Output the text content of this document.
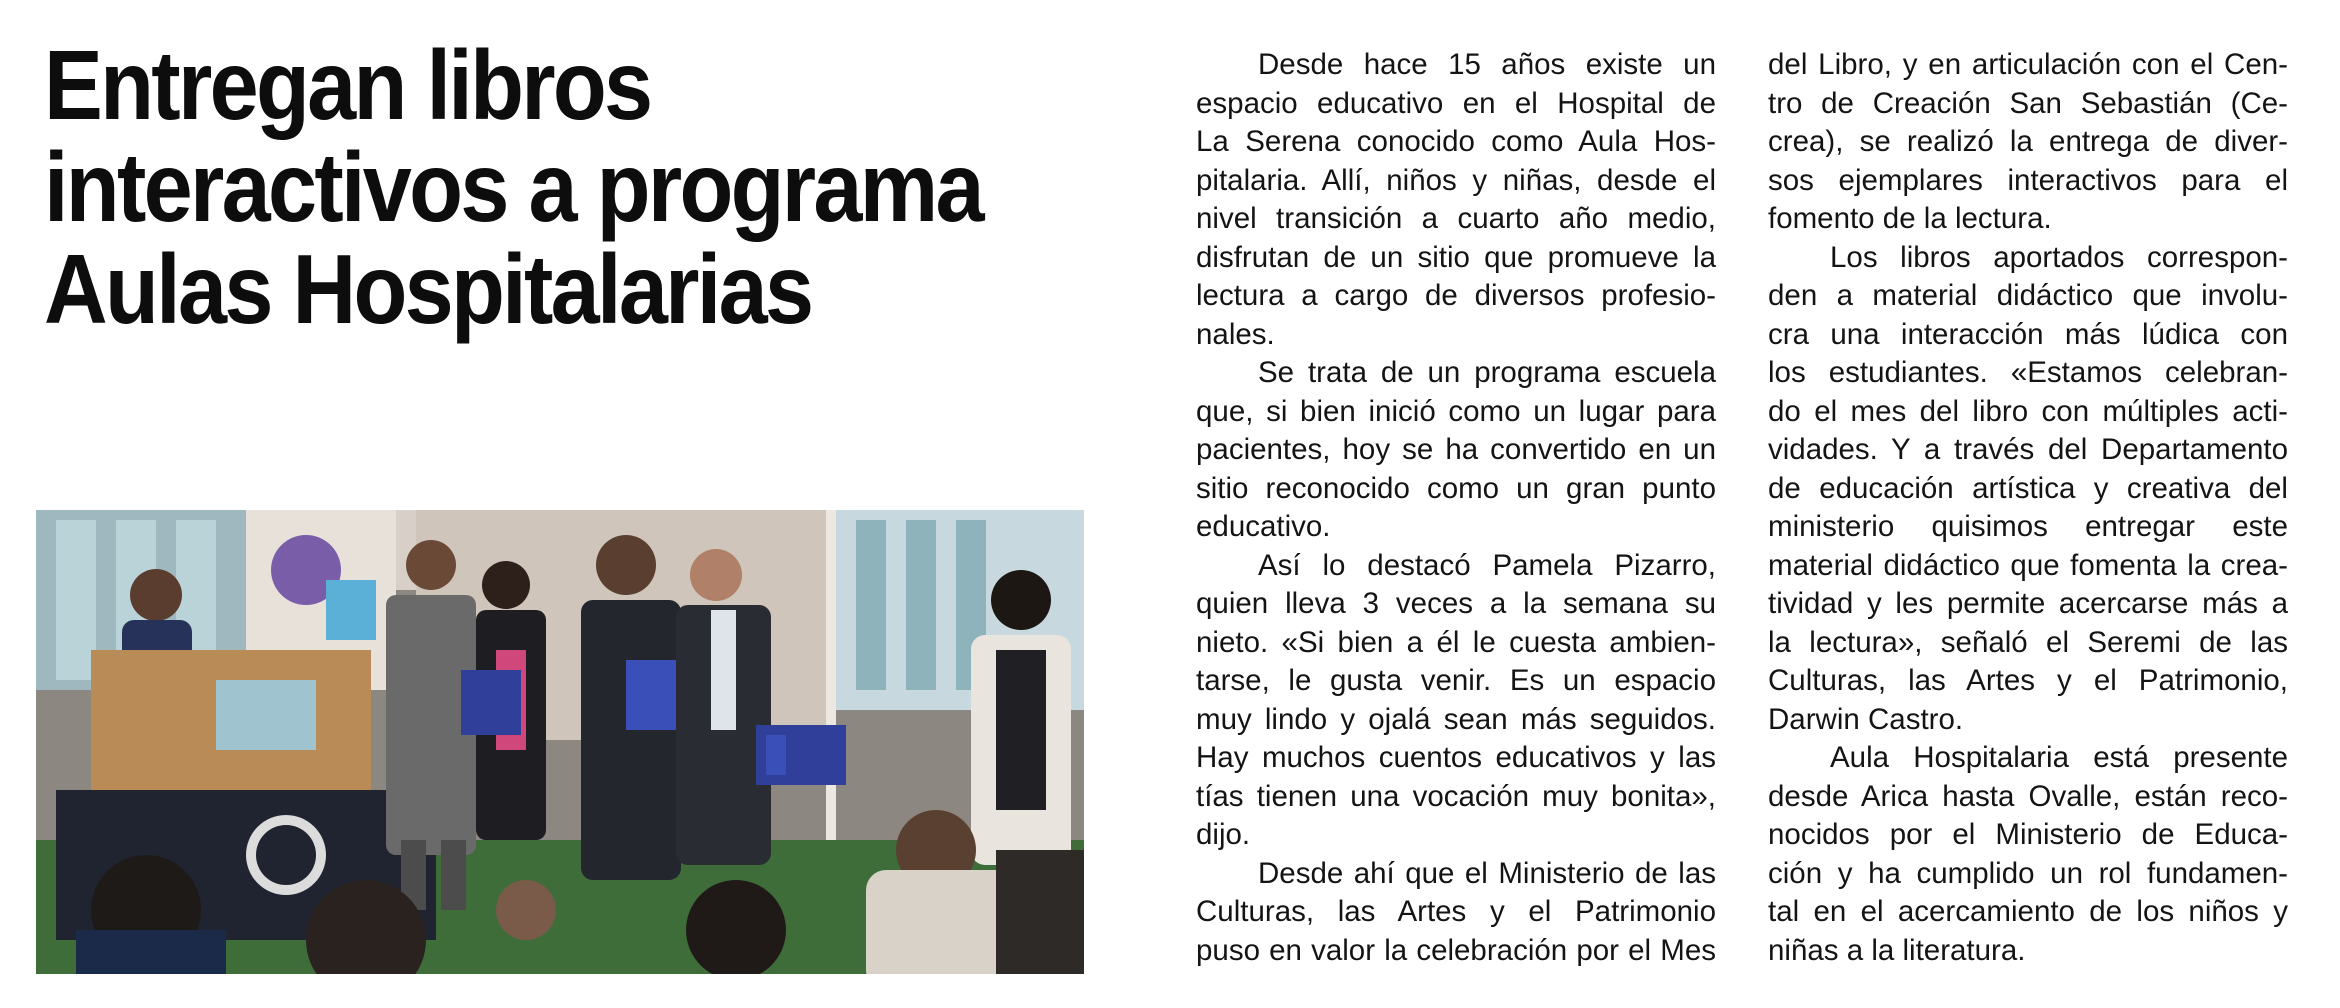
Entregan libros
interactivos a programa
Aulas Hospitalarias

Desde hace 15 años existe un
espacio educativo en el Hospital de
La Serena conocido como Aula Hos-
pitalaria. Allí, niños y niñas, desde el
nivel transición a cuarto año medio,
disfrutan de un sitio que promueve la
lectura a cargo de diversos profesio-
nales.

Se trata de un programa escuela
que, si bien inició como un lugar para
pacientes, hoy se ha convertido en un
sitio reconocido como un gran punto
educativo.

Así lo destacó Pamela Pizarro,
quien lleva 3 veces a la semana su
nieto. «Si bien a él le cuesta ambien-
tarse, le gusta venir. Es un espacio
muy lindo y ojalá sean más seguidos.
Hay muchos cuentos educativos y las
tías tienen una vocación muy bonita»,
dijo.

Desde ahí que el Ministerio de las
Culturas, las Artes y el Patrimonio
puso en valor la celebración por el Mes

del Libro, y en articulación con el Cen-
tro de Creación San Sebastián (Ce-
crea), se realizó la entrega de diver-
sos ejemplares interactivos para el
fomento de la lectura.

Los libros aportados correspon-
den a material didáctico que involu-
cra una interacción más lúdica con
los estudiantes. «Estamos celebran-
do el mes del libro con múltiples acti-
vidades. Y a través del Departamento
de educación artística y creativa del
ministerio quisimos entregar este
material didáctico que fomenta la crea-
tividad y les permite acercarse más a
la lectura», señaló el Seremi de las
Culturas, las Artes y el Patrimonio,
Darwin Castro.

Aula Hospitalaria está presente
desde Arica hasta Ovalle, están reco-
nocidos por el Ministerio de Educa-
ción y ha cumplido un rol fundamen-
tal en el acercamiento de los niños y
niñas a la literatura.
